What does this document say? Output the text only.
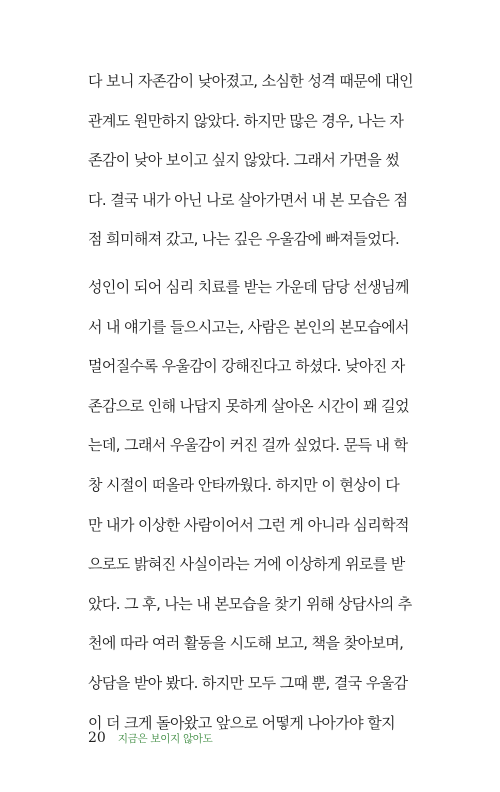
다 보니 자존감이 낮아졌고, 소심한 성격 때문에 대인
관계도 원만하지 않았다. 하지만 많은 경우, 나는 자
존감이 낮아 보이고 싶지 않았다. 그래서 가면을 썼
다. 결국 내가 아닌 나로 살아가면서 내 본 모습은 점
점 희미해져 갔고, 나는 깊은 우울감에 빠져들었다.
성인이 되어 심리 치료를 받는 가운데 담당 선생님께
서 내 얘기를 들으시고는, 사람은 본인의 본모습에서
멀어질수록 우울감이 강해진다고 하셨다. 낮아진 자
존감으로 인해 나답지 못하게 살아온 시간이 꽤 길었
는데, 그래서 우울감이 커진 걸까 싶었다. 문득 내 학
창 시절이 떠올라 안타까웠다. 하지만 이 현상이 다
만 내가 이상한 사람이어서 그런 게 아니라 심리학적
으로도 밝혀진 사실이라는 거에 이상하게 위로를 받
았다. 그 후, 나는 내 본모습을 찾기 위해 상담사의 추
천에 따라 여러 활동을 시도해 보고, 책을 찾아보며,
상담을 받아 봤다. 하지만 모두 그때 뿐, 결국 우울감
이 더 크게 돌아왔고 앞으로 어떻게 나아가야 할지
20 지금은 보이지 않아도
